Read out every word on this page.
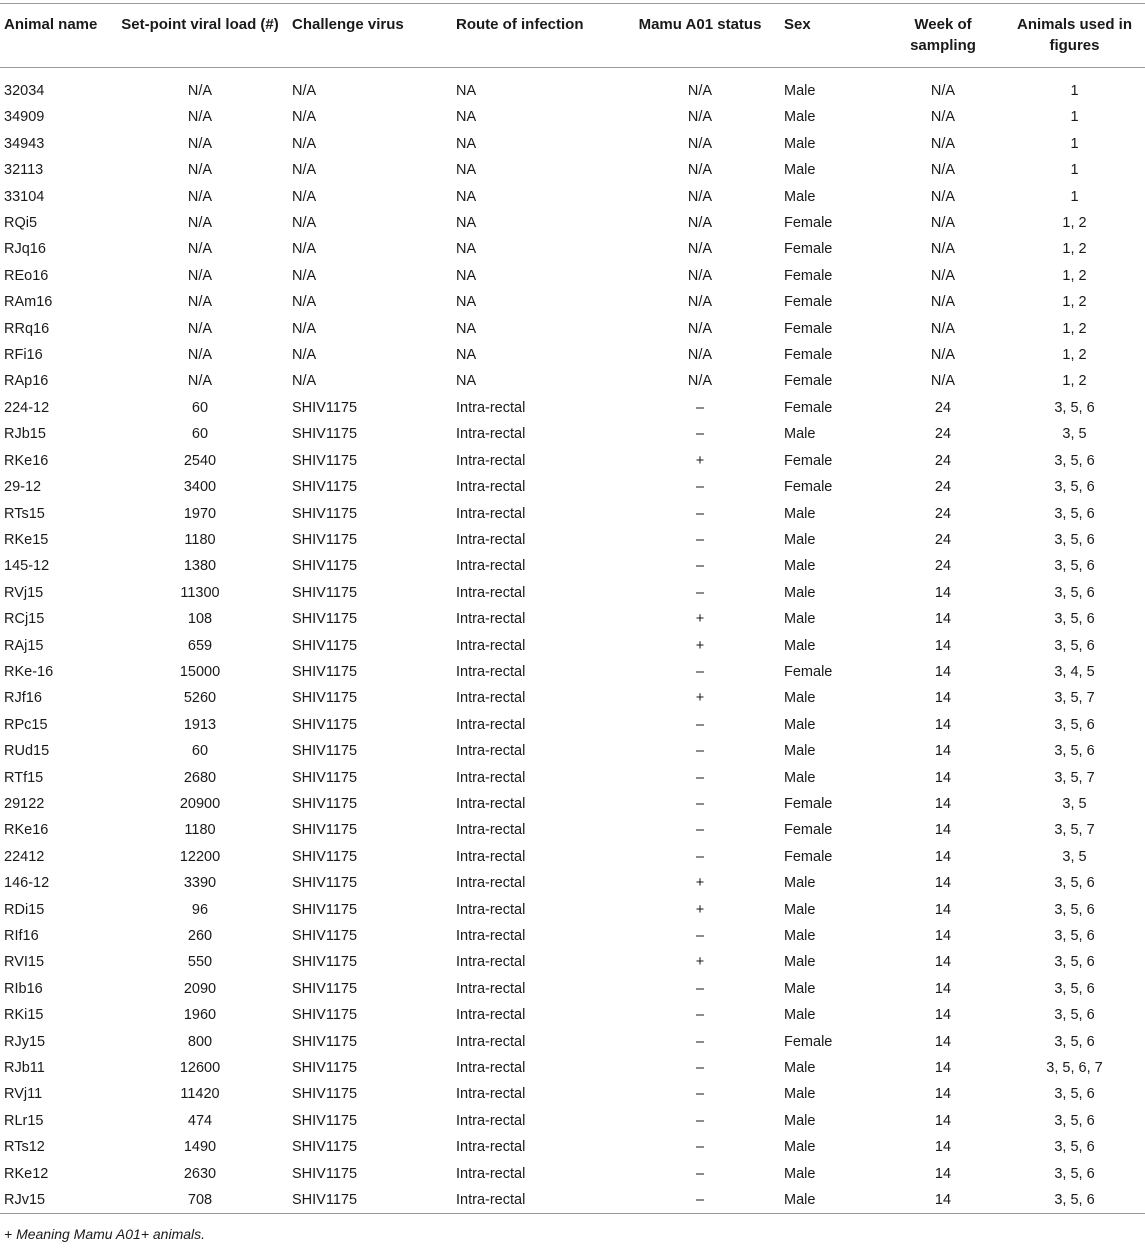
Animal name	Set-point viral load (#)	Challenge virus	Route of infection	Mamu A01 status	Sex	Week of sampling	Animals used in figures

32034	N/A	N/A	NA	N/A	Male	N/A	1
34909	N/A	N/A	NA	N/A	Male	N/A	1
34943	N/A	N/A	NA	N/A	Male	N/A	1
32113	N/A	N/A	NA	N/A	Male	N/A	1
33104	N/A	N/A	NA	N/A	Male	N/A	1
RQi5	N/A	N/A	NA	N/A	Female	N/A	1, 2
RJq16	N/A	N/A	NA	N/A	Female	N/A	1, 2
REo16	N/A	N/A	NA	N/A	Female	N/A	1, 2
RAm16	N/A	N/A	NA	N/A	Female	N/A	1, 2
RRq16	N/A	N/A	NA	N/A	Female	N/A	1, 2
RFi16	N/A	N/A	NA	N/A	Female	N/A	1, 2
RAp16	N/A	N/A	NA	N/A	Female	N/A	1, 2
224-12	60	SHIV1175	Intra-rectal	–	Female	24	3, 5, 6
RJb15	60	SHIV1175	Intra-rectal	–	Male	24	3, 5
RKe16	2540	SHIV1175	Intra-rectal	+	Female	24	3, 5, 6
29-12	3400	SHIV1175	Intra-rectal	–	Female	24	3, 5, 6
RTs15	1970	SHIV1175	Intra-rectal	–	Male	24	3, 5, 6
RKe15	1180	SHIV1175	Intra-rectal	–	Male	24	3, 5, 6
145-12	1380	SHIV1175	Intra-rectal	–	Male	24	3, 5, 6
RVj15	11300	SHIV1175	Intra-rectal	–	Male	14	3, 5, 6
RCj15	108	SHIV1175	Intra-rectal	+	Male	14	3, 5, 6
RAj15	659	SHIV1175	Intra-rectal	+	Male	14	3, 5, 6
RKe-16	15000	SHIV1175	Intra-rectal	–	Female	14	3, 4, 5
RJf16	5260	SHIV1175	Intra-rectal	+	Male	14	3, 5, 7
RPc15	1913	SHIV1175	Intra-rectal	–	Male	14	3, 5, 6
RUd15	60	SHIV1175	Intra-rectal	–	Male	14	3, 5, 6
RTf15	2680	SHIV1175	Intra-rectal	–	Male	14	3, 5, 7
29122	20900	SHIV1175	Intra-rectal	–	Female	14	3, 5
RKe16	1180	SHIV1175	Intra-rectal	–	Female	14	3, 5, 7
22412	12200	SHIV1175	Intra-rectal	–	Female	14	3, 5
146-12	3390	SHIV1175	Intra-rectal	+	Male	14	3, 5, 6
RDi15	96	SHIV1175	Intra-rectal	+	Male	14	3, 5, 6
RIf16	260	SHIV1175	Intra-rectal	–	Male	14	3, 5, 6
RVI15	550	SHIV1175	Intra-rectal	+	Male	14	3, 5, 6
RIb16	2090	SHIV1175	Intra-rectal	–	Male	14	3, 5, 6
RKi15	1960	SHIV1175	Intra-rectal	–	Male	14	3, 5, 6
RJy15	800	SHIV1175	Intra-rectal	–	Female	14	3, 5, 6
RJb11	12600	SHIV1175	Intra-rectal	–	Male	14	3, 5, 6, 7
RVj11	11420	SHIV1175	Intra-rectal	–	Male	14	3, 5, 6
RLr15	474	SHIV1175	Intra-rectal	–	Male	14	3, 5, 6
RTs12	1490	SHIV1175	Intra-rectal	–	Male	14	3, 5, 6
RKe12	2630	SHIV1175	Intra-rectal	–	Male	14	3, 5, 6
RJv15	708	SHIV1175	Intra-rectal	–	Male	14	3, 5, 6
+ Meaning Mamu A01+ animals.
